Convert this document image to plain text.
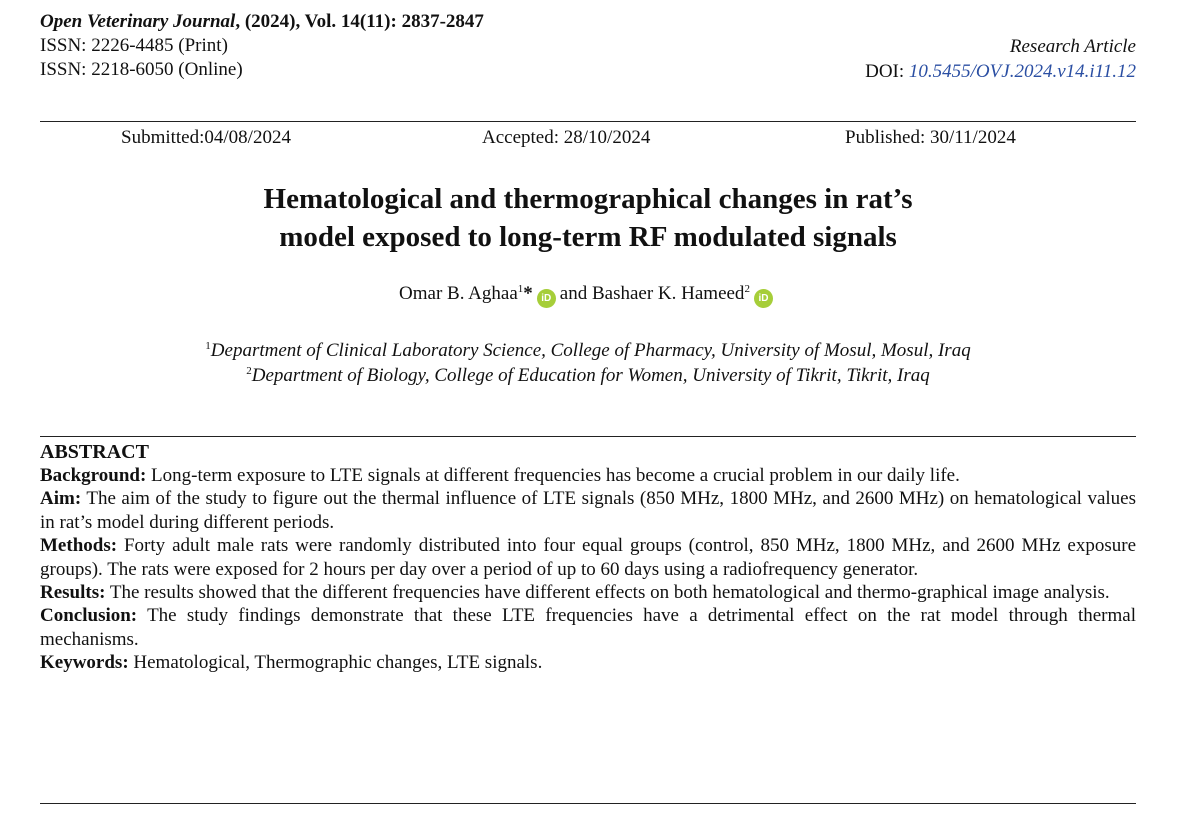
Open Veterinary Journal, (2024), Vol. 14(11): 2837-2847
ISSN: 2226-4485 (Print)
ISSN: 2218-6050 (Online)
Research Article
DOI: 10.5455/OVJ.2024.v14.i11.12
Submitted:04/08/2024	Accepted: 28/10/2024	Published: 30/11/2024
Hematological and thermographical changes in rat’s
model exposed to long-term RF modulated signals
Omar B. Aghaa$^1$* iD and Bashaer K. Hameed$^2$iD
$^1$Department of Clinical Laboratory Science, College of Pharmacy, University of Mosul, Mosul, Iraq
$^2$Department of Biology, College of Education for Women, University of Tikrit, Tikrit, Iraq
ABSTRACT

Background: Long-term exposure to LTE signals at different frequencies has become a crucial problem in our daily life.

Aim: The aim of the study to figure out the thermal influence of LTE signals (850 MHz, 1800 MHz, and 2600 MHz) on hematological values in rat’s model during different periods.

Methods: Forty adult male rats were randomly distributed into four equal groups (control, 850 MHz, 1800 MHz, and 2600 MHz exposure groups). The rats were exposed for 2 hours per day over a period of up to 60 days using a radiofrequency generator.

Results: The results showed that the different frequencies have different effects on both hematological and thermo-graphical image analysis.

Conclusion: The study findings demonstrate that these LTE frequencies have a detrimental effect on the rat model through thermal mechanisms.

Keywords: Hematological, Thermographic changes, LTE signals.
